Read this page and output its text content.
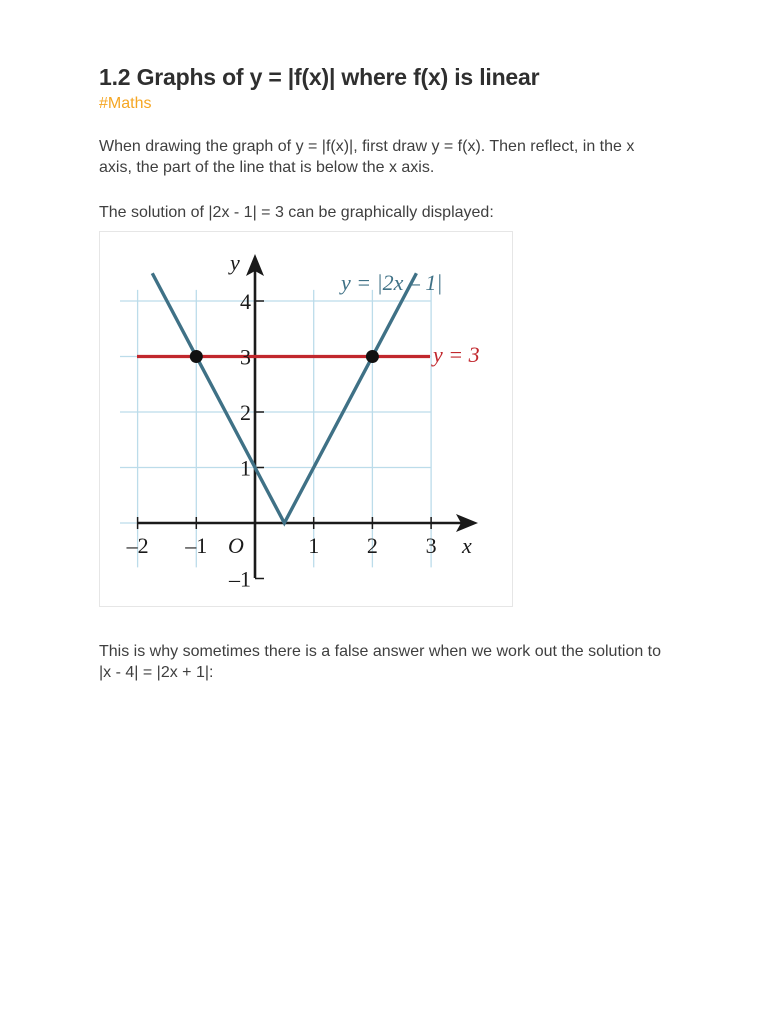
1.2 Graphs of y = |f(x)| where f(x) is linear
#Maths

When drawing the graph of y = |f(x)|, first draw y = f(x). Then reflect, in the x axis, the part of the line that is below the x axis.

The solution of |2x - 1| = 3 can be graphically displayed:

–2 –1	1 2 3
–1
1
2
3
4
x
y
O
y = |2x – 1|
y = 3

This is why sometimes there is a false answer when we work out the solution to |x - 4| = |2x + 1|:
